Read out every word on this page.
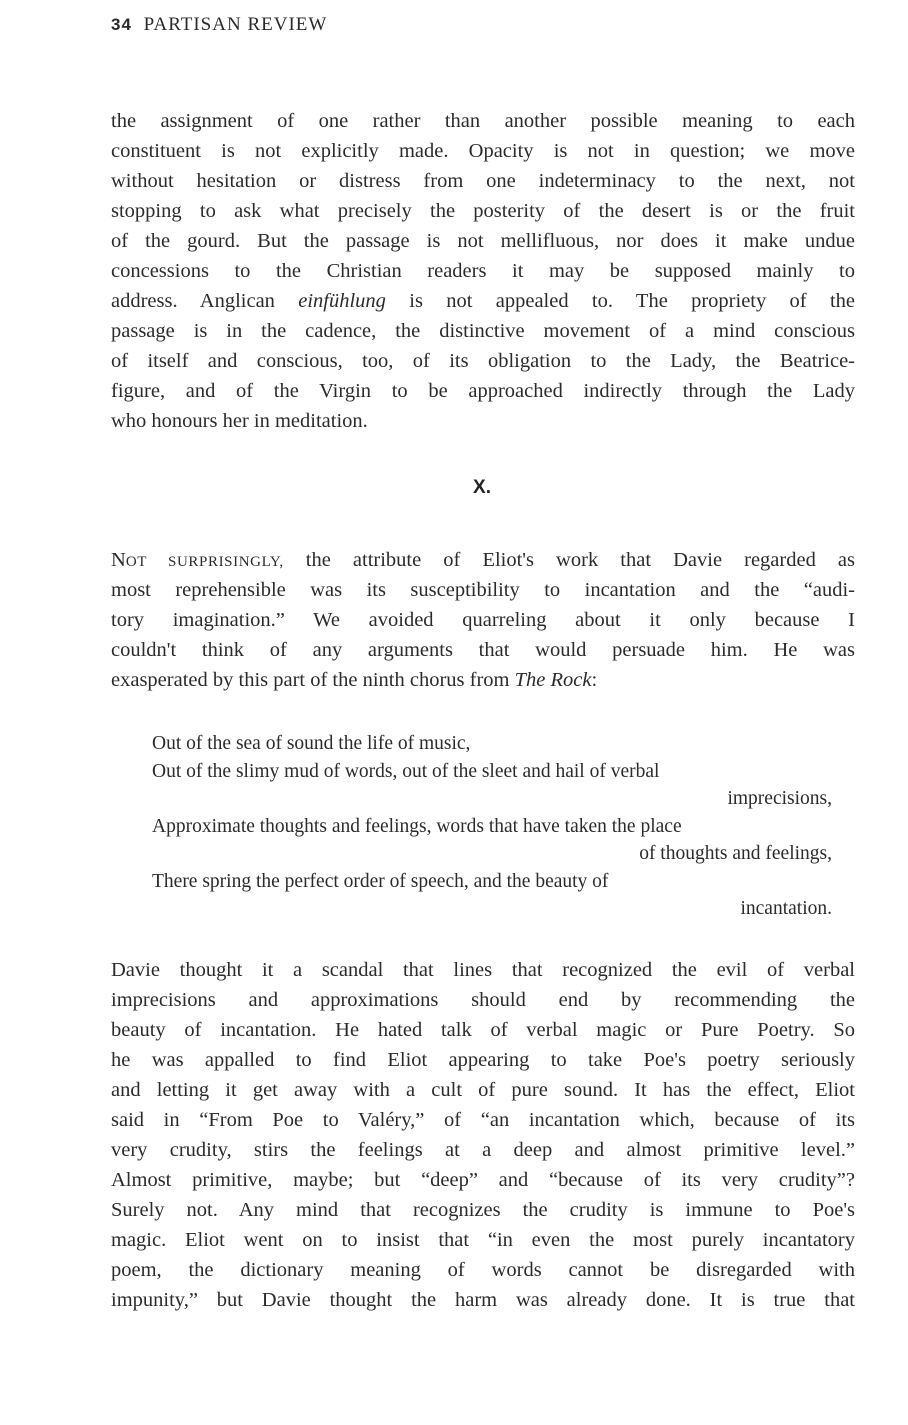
34 PARTISAN REVIEW
the assignment of one rather than another possible meaning to each
constituent is not explicitly made. Opacity is not in question; we move
without hesitation or distress from one indeterminacy to the next, not
stopping to ask what precisely the posterity of the desert is or the fruit
of the gourd. But the passage is not mellifluous, nor does it make undue
concessions to the Christian readers it may be supposed mainly to
address. Anglican einfühlung is not appealed to. The propriety of the
passage is in the cadence, the distinctive movement of a mind conscious
of itself and conscious, too, of its obligation to the Lady, the Beatrice-
figure, and of the Virgin to be approached indirectly through the Lady
who honours her in meditation.
X.
NOT SURPRISINGLY, the attribute of Eliot's work that Davie regarded as
most reprehensible was its susceptibility to incantation and the “audi-
tory imagination.” We avoided quarreling about it only because I
couldn't think of any arguments that would persuade him. He was
exasperated by this part of the ninth chorus from The Rock:
Out of the sea of sound the life of music,
Out of the slimy mud of words, out of the sleet and hail of verbal
imprecisions,
Approximate thoughts and feelings, words that have taken the place
of thoughts and feelings,
There spring the perfect order of speech, and the beauty of
incantation.
Davie thought it a scandal that lines that recognized the evil of verbal
imprecisions and approximations should end by recommending the
beauty of incantation. He hated talk of verbal magic or Pure Poetry. So
he was appalled to find Eliot appearing to take Poe's poetry seriously
and letting it get away with a cult of pure sound. It has the effect, Eliot
said in “From Poe to Valéry,” of “an incantation which, because of its
very crudity, stirs the feelings at a deep and almost primitive level.”
Almost primitive, maybe; but “deep” and “because of its very crudity”?
Surely not. Any mind that recognizes the crudity is immune to Poe's
magic. Eliot went on to insist that “in even the most purely incantatory
poem, the dictionary meaning of words cannot be disregarded with
impunity,” but Davie thought the harm was already done. It is true that
